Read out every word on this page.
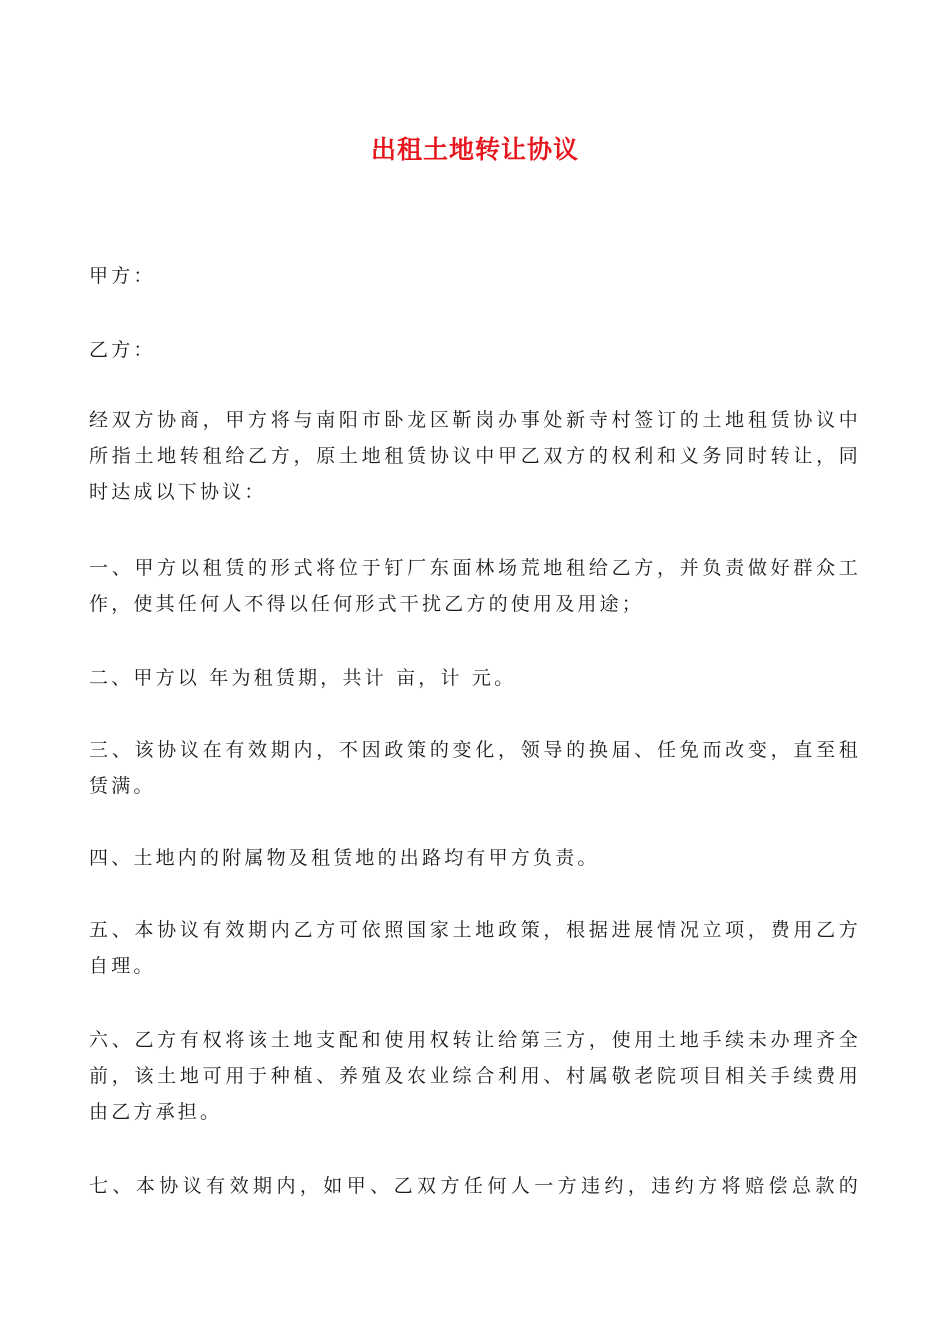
出租土地转让协议
甲方：
乙方：
经双方协商，甲方将与南阳市卧龙区靳岗办事处新寺村签订的土地租赁协议中
所指土地转租给乙方，原土地租赁协议中甲乙双方的权利和义务同时转让，同
时达成以下协议：
一、甲方以租赁的形式将位于钉厂东面林场荒地租给乙方，并负责做好群众工
作，使其任何人不得以任何形式干扰乙方的使用及用途；
二、甲方以 年为租赁期，共计 亩，计 元。
三、该协议在有效期内，不因政策的变化，领导的换届、任免而改变，直至租
赁满。
四、土地内的附属物及租赁地的出路均有甲方负责。
五、本协议有效期内乙方可依照国家土地政策，根据进展情况立项，费用乙方
自理。
六、乙方有权将该土地支配和使用权转让给第三方，使用土地手续未办理齐全
前，该土地可用于种植、养殖及农业综合利用、村属敬老院项目相关手续费用
由乙方承担。
七、本协议有效期内，如甲、乙双方任何人一方违约，违约方将赔偿总款的
